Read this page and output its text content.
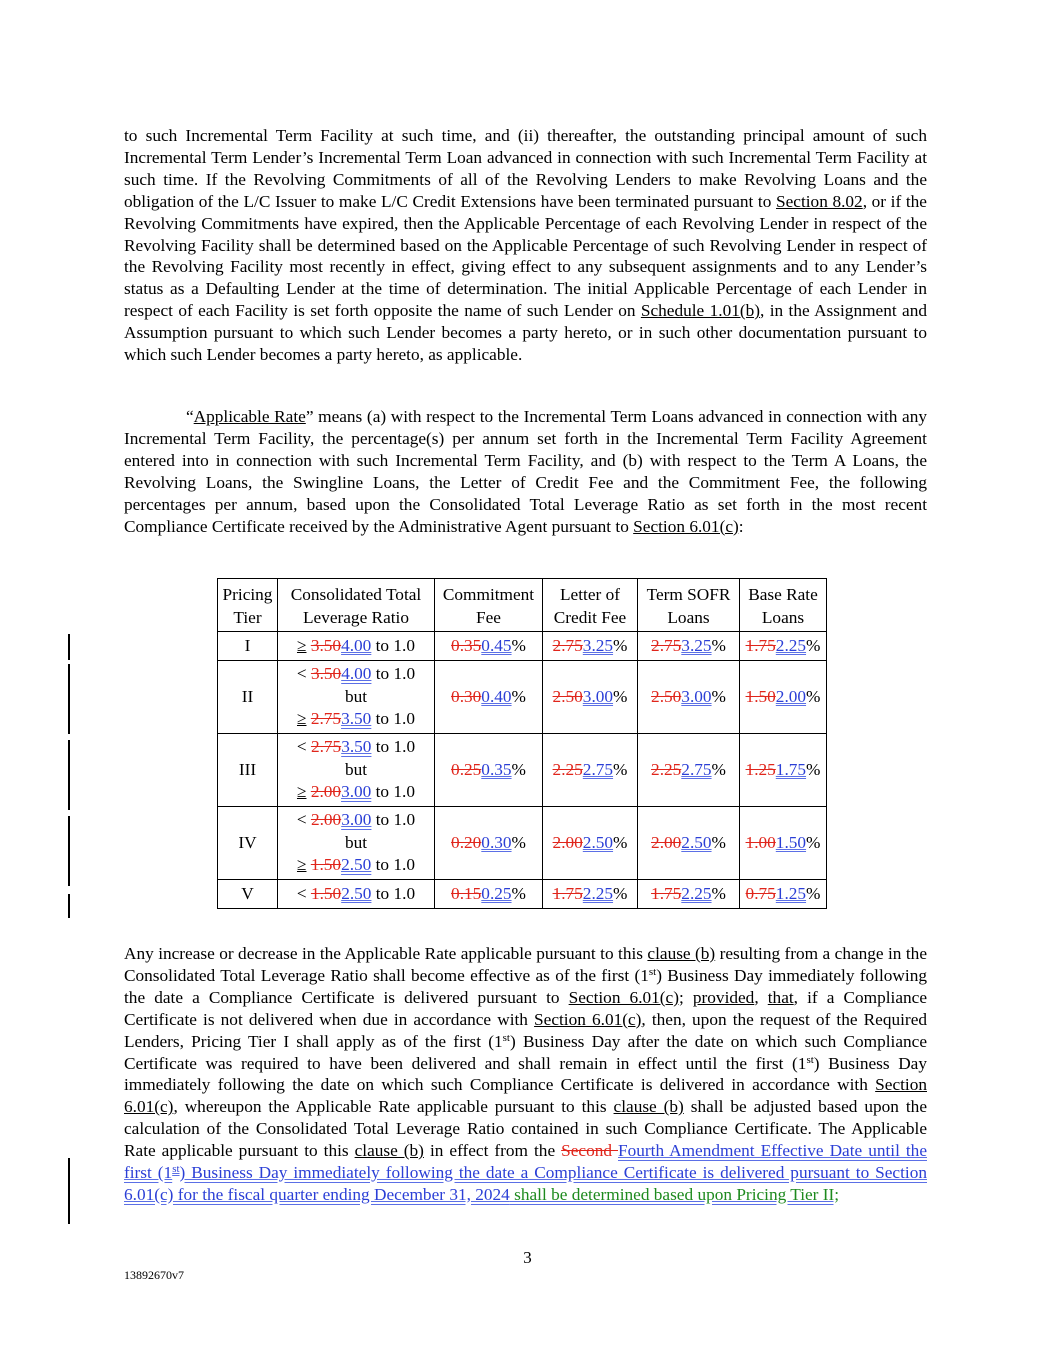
to such Incremental Term Facility at such time, and (ii) thereafter, the outstanding principal amount of such Incremental Term Lender’s Incremental Term Loan advanced in connection with such Incremental Term Facility at such time. If the Revolving Commitments of all of the Revolving Lenders to make Revolving Loans and the obligation of the L/C Issuer to make L/C Credit Extensions have been terminated pursuant to Section 8.02, or if the Revolving Commitments have expired, then the Applicable Percentage of each Revolving Lender in respect of the Revolving Facility shall be determined based on the Applicable Percentage of such Revolving Lender in respect of the Revolving Facility most recently in effect, giving effect to any subsequent assignments and to any Lender’s status as a Defaulting Lender at the time of determination. The initial Applicable Percentage of each Lender in respect of each Facility is set forth opposite the name of such Lender on Schedule 1.01(b), in the Assignment and Assumption pursuant to which such Lender becomes a party hereto, or in such other documentation pursuant to which such Lender becomes a party hereto, as applicable.

“Applicable Rate” means (a) with respect to the Incremental Term Loans advanced in connection with any Incremental Term Facility, the percentage(s) per annum set forth in the Incremental Term Facility Agreement entered into in connection with such Incremental Term Facility, and (b) with respect to the Term A Loans, the Revolving Loans, the Swingline Loans, the Letter of Credit Fee and the Commitment Fee, the following percentages per annum, based upon the Consolidated Total Leverage Ratio as set forth in the most recent Compliance Certificate received by the Administrative Agent pursuant to Section 6.01(c):

Pricing Tier	Consolidated Total Leverage Ratio	Commitment Fee	Letter of Credit Fee	Term SOFR Loans	Base Rate Loans
I	≥ 3.504.00 to 1.0	0.350.45%	2.753.25%	2.753.25%	1.752.25%
II	< 3.504.00 to 1.0
but
≥ 2.753.50 to 1.0	0.300.40%	2.503.00%	2.503.00%	1.502.00%
III	< 2.753.50 to 1.0
but
≥ 2.003.00 to 1.0	0.250.35%	2.252.75%	2.252.75%	1.251.75%
IV	< 2.003.00 to 1.0
but
≥ 1.502.50 to 1.0	0.200.30%	2.002.50%	2.002.50%	1.001.50%
V	< 1.502.50 to 1.0	0.150.25%	1.752.25%	1.752.25%	0.751.25%

Any increase or decrease in the Applicable Rate applicable pursuant to this clause (b) resulting from a change in the Consolidated Total Leverage Ratio shall become effective as of the first (1st) Business Day immediately following the date a Compliance Certificate is delivered pursuant to Section 6.01(c); provided, that, if a Compliance Certificate is not delivered when due in accordance with Section 6.01(c), then, upon the request of the Required Lenders, Pricing Tier I shall apply as of the first (1st) Business Day after the date on which such Compliance Certificate was required to have been delivered and shall remain in effect until the first (1st) Business Day immediately following the date on which such Compliance Certificate is delivered in accordance with Section 6.01(c), whereupon the Applicable Rate applicable pursuant to this clause (b) shall be adjusted based upon the calculation of the Consolidated Total Leverage Ratio contained in such Compliance Certificate. The Applicable Rate applicable pursuant to this clause (b) in effect from the Second Fourth Amendment Effective Date until the first (1st) Business Day immediately following the date a Compliance Certificate is delivered pursuant to Section 6.01(c) for the fiscal quarter ending December 31, 2024 shall be determined based upon Pricing Tier II;

3
13892670v7
